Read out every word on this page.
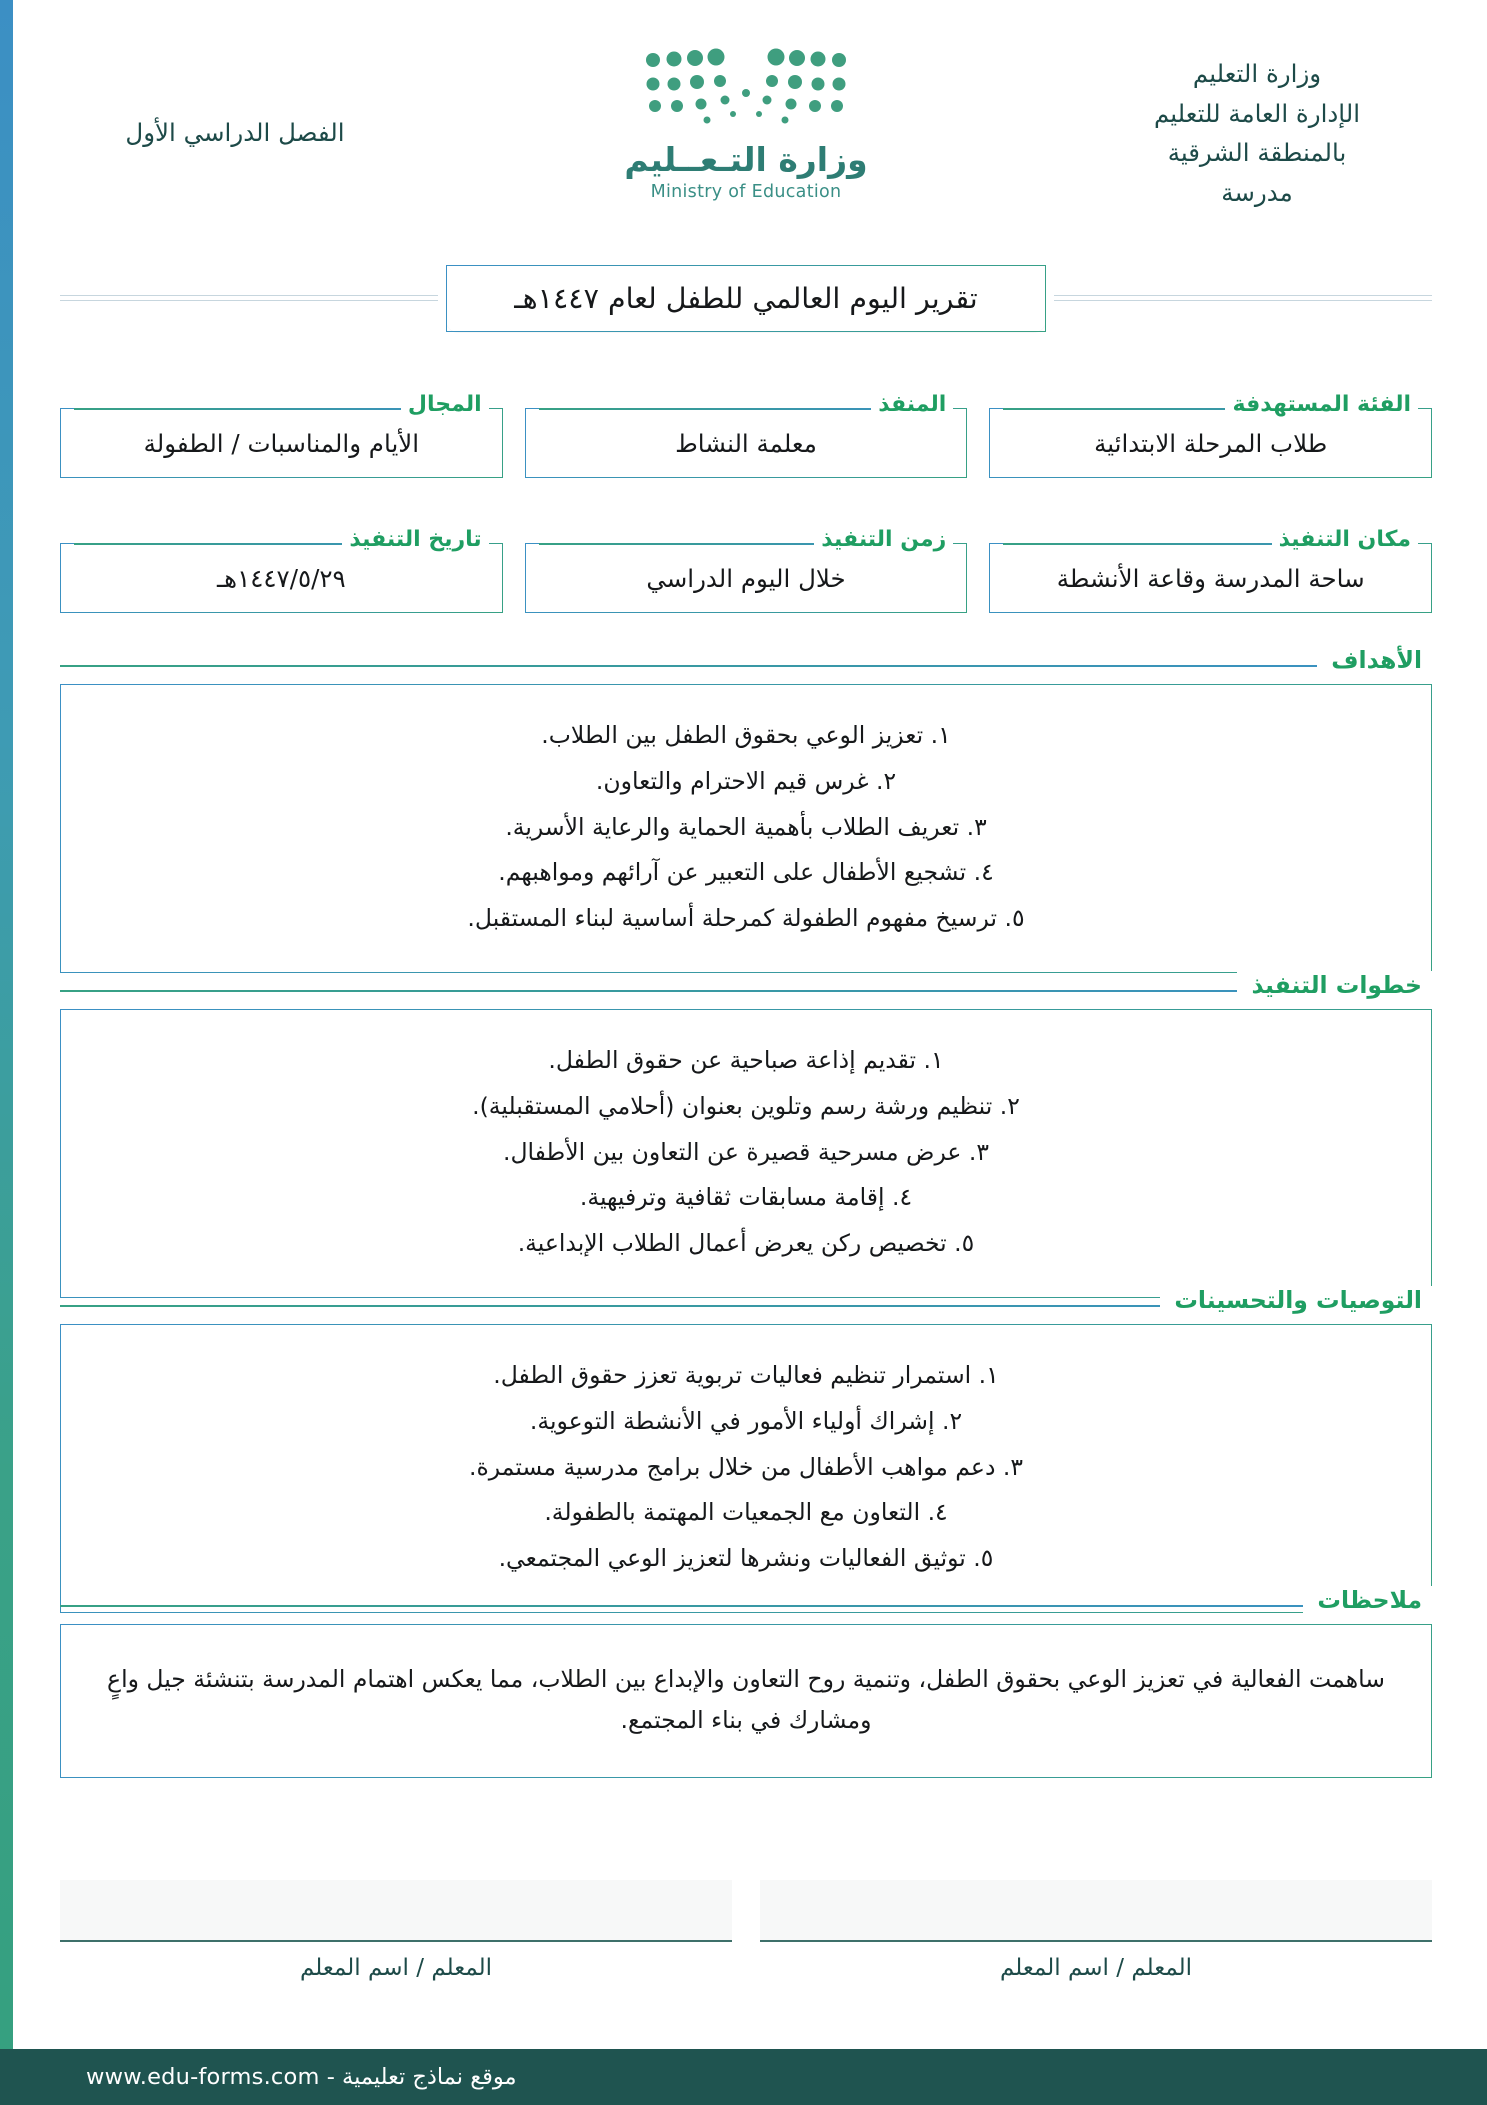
وزارة التعليم
الإدارة العامة للتعليم
بالمنطقة الشرقية
مدرسة
وزارة التـعــليم
Ministry of Education
الفصل الدراسي الأول
تقرير اليوم العالمي للطفل لعام ١٤٤٧هـ
الفئة المستهدفة
طلاب المرحلة الابتدائية
المنفذ
معلمة النشاط
المجال
الأيام والمناسبات / الطفولة
مكان التنفيذ
ساحة المدرسة وقاعة الأنشطة
زمن التنفيذ
خلال اليوم الدراسي
تاريخ التنفيذ
١٤٤٧/٥/٢٩هـ
الأهداف
١. تعزيز الوعي بحقوق الطفل بين الطلاب.
٢. غرس قيم الاحترام والتعاون.
٣. تعريف الطلاب بأهمية الحماية والرعاية الأسرية.
٤. تشجيع الأطفال على التعبير عن آرائهم ومواهبهم.
٥. ترسيخ مفهوم الطفولة كمرحلة أساسية لبناء المستقبل.
خطوات التنفيذ
١. تقديم إذاعة صباحية عن حقوق الطفل.
٢. تنظيم ورشة رسم وتلوين بعنوان (أحلامي المستقبلية).
٣. عرض مسرحية قصيرة عن التعاون بين الأطفال.
٤. إقامة مسابقات ثقافية وترفيهية.
٥. تخصيص ركن يعرض أعمال الطلاب الإبداعية.
التوصيات والتحسينات
١. استمرار تنظيم فعاليات تربوية تعزز حقوق الطفل.
٢. إشراك أولياء الأمور في الأنشطة التوعوية.
٣. دعم مواهب الأطفال من خلال برامج مدرسية مستمرة.
٤. التعاون مع الجمعيات المهتمة بالطفولة.
٥. توثيق الفعاليات ونشرها لتعزيز الوعي المجتمعي.
ملاحظات
ساهمت الفعالية في تعزيز الوعي بحقوق الطفل، وتنمية روح التعاون والإبداع بين الطلاب، مما يعكس اهتمام المدرسة بتنشئة جيل واعٍ ومشارك في بناء المجتمع.
المعلم / اسم المعلم
المعلم / اسم المعلم
موقع نماذج تعليمية - www.edu-forms.com
